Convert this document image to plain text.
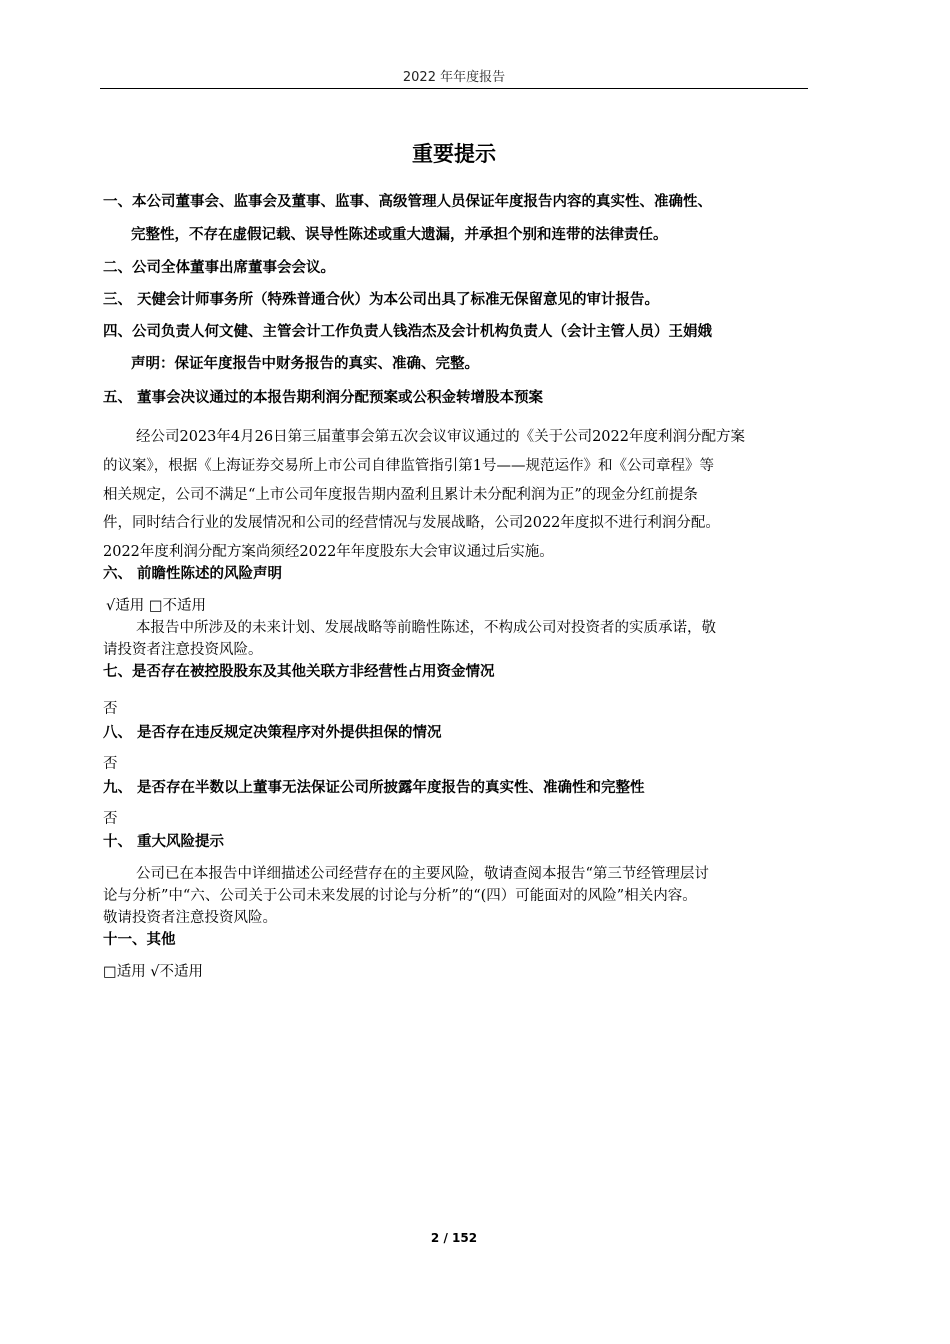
2022 年年度报告
重要提示
一、本公司董事会、监事会及董事、监事、高级管理人员保证年度报告内容的真实性、准确性、
完整性，不存在虚假记载、误导性陈述或重大遗漏，并承担个别和连带的法律责任。
二、公司全体董事出席董事会会议。
三、 天健会计师事务所（特殊普通合伙）为本公司出具了标准无保留意见的审计报告。
四、公司负责人何文健、主管会计工作负责人钱浩杰及会计机构负责人（会计主管人员）王娟娥
声明：保证年度报告中财务报告的真实、准确、完整。
五、 董事会决议通过的本报告期利润分配预案或公积金转增股本预案
经公司2023年4月26日第三届董事会第五次会议审议通过的《关于公司2022年度利润分配方案
的议案》，根据《上海证券交易所上市公司自律监管指引第1号——规范运作》和《公司章程》等
相关规定，公司不满足“上市公司年度报告期内盈利且累计未分配利润为正”的现金分红前提条
件，同时结合行业的发展情况和公司的经营情况与发展战略，公司2022年度拟不进行利润分配。
2022年度利润分配方案尚须经2022年年度股东大会审议通过后实施。
六、 前瞻性陈述的风险声明
√适用 □不适用
本报告中所涉及的未来计划、发展战略等前瞻性陈述，不构成公司对投资者的实质承诺，敬
请投资者注意投资风险。
七、是否存在被控股股东及其他关联方非经营性占用资金情况
否
八、 是否存在违反规定决策程序对外提供担保的情况
否
九、 是否存在半数以上董事无法保证公司所披露年度报告的真实性、准确性和完整性
否
十、 重大风险提示
公司已在本报告中详细描述公司经营存在的主要风险，敬请查阅本报告“第三节经管理层讨
论与分析”中“六、公司关于公司未来发展的讨论与分析”的“(四）可能面对的风险”相关内容。
敬请投资者注意投资风险。
十一、其他
□适用 √不适用
2 / 152
